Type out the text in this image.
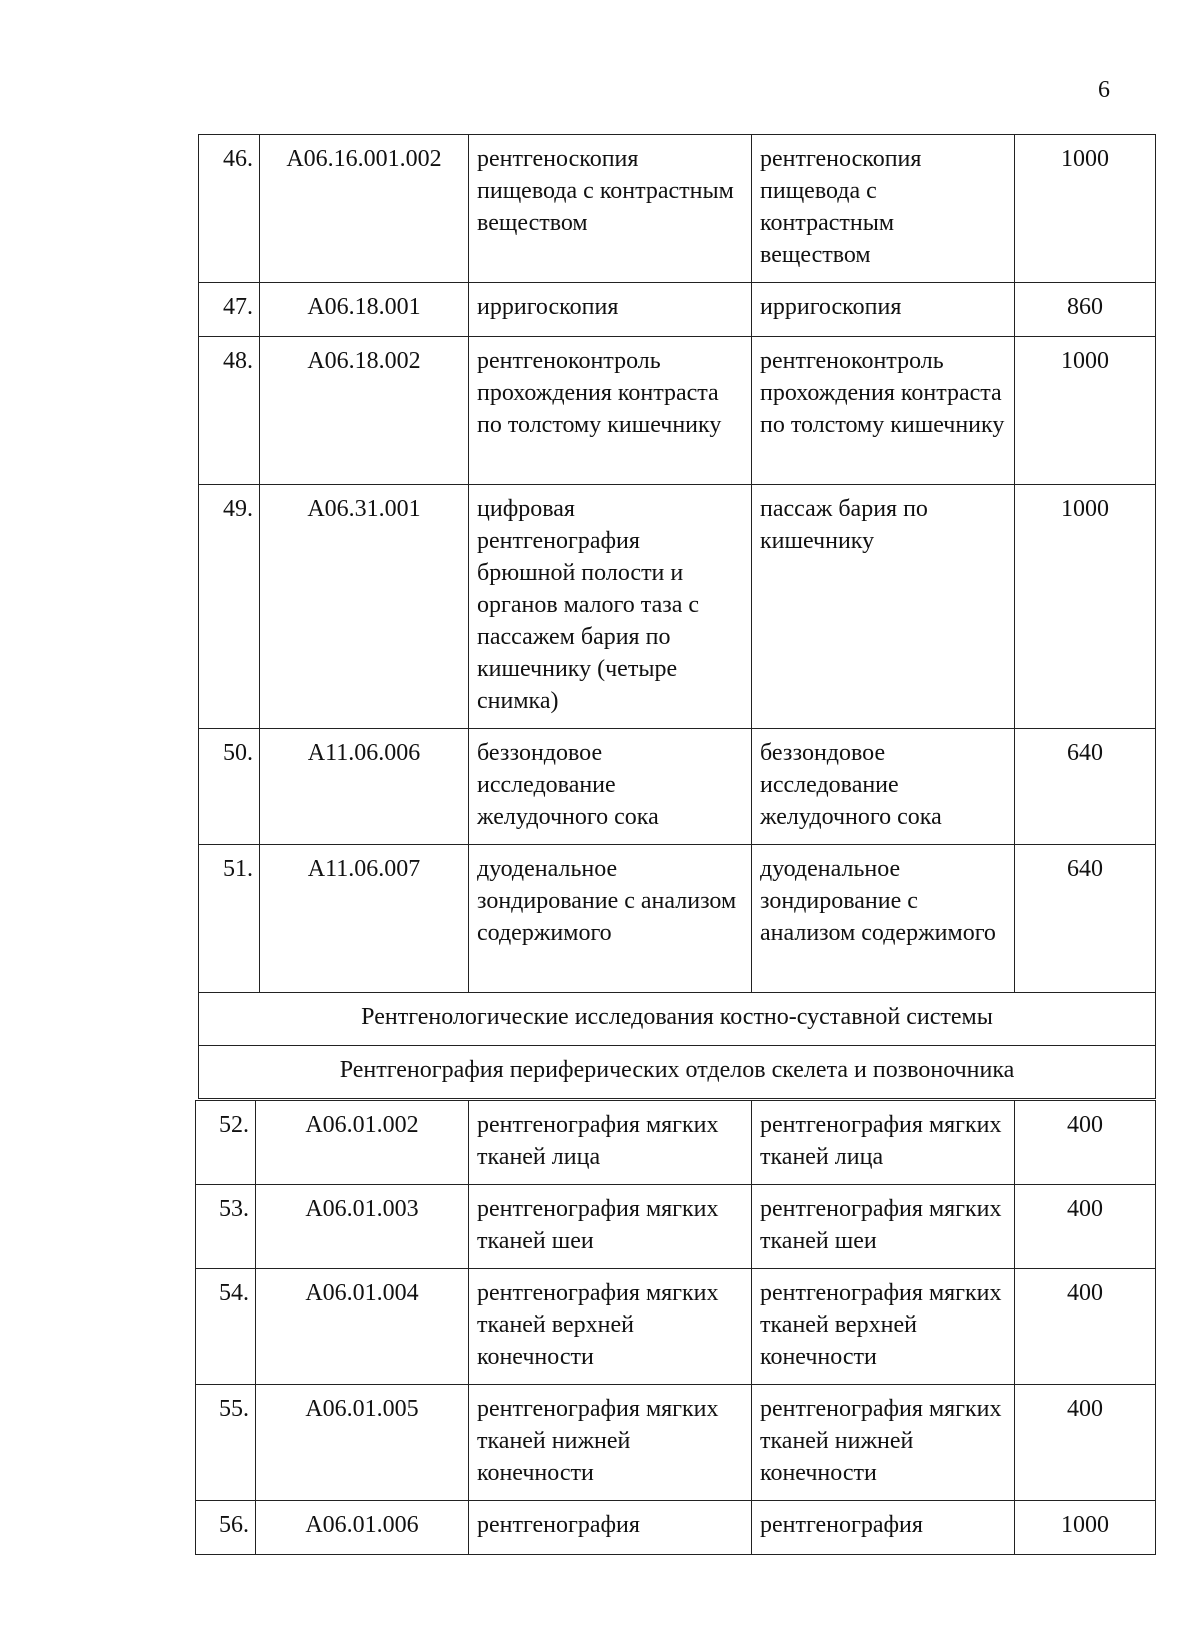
6
46.	A06.16.001.002	рентгеноскопия пищевода с контрастным веществом	рентгеноскопия пищевода с контрастным веществом	1000
47.	A06.18.001	ирригоскопия	ирригоскопия	860
48.	A06.18.002	рентгеноконтроль прохождения контраста по толстому кишечнику	рентгеноконтроль прохождения контраста по толстому кишечнику	1000
49.	A06.31.001	цифровая рентгенография брюшной полости и органов малого таза с пассажем бария по кишечнику (четыре снимка)	пассаж бария по кишечнику	1000
50.	A11.06.006	беззондовое исследование желудочного сока	беззондовое исследование желудочного сока	640
51.	A11.06.007	дуоденальное зондирование с анализом содержимого	дуоденальное зондирование с анализом содержимого	640
Рентгенологические исследования костно-суставной системы				
Рентгенография периферических отделов скелета и позвоночника				
52.	A06.01.002	рентгенография мягких тканей лица	рентгенография мягких тканей лица	400
53.	A06.01.003	рентгенография мягких тканей шеи	рентгенография мягких тканей шеи	400
54.	A06.01.004	рентгенография мягких тканей верхней конечности	рентгенография мягких тканей верхней конечности	400
55.	A06.01.005	рентгенография мягких тканей нижней конечности	рентгенография мягких тканей нижней конечности	400
56.	A06.01.006	рентгенография	рентгенография	1000
